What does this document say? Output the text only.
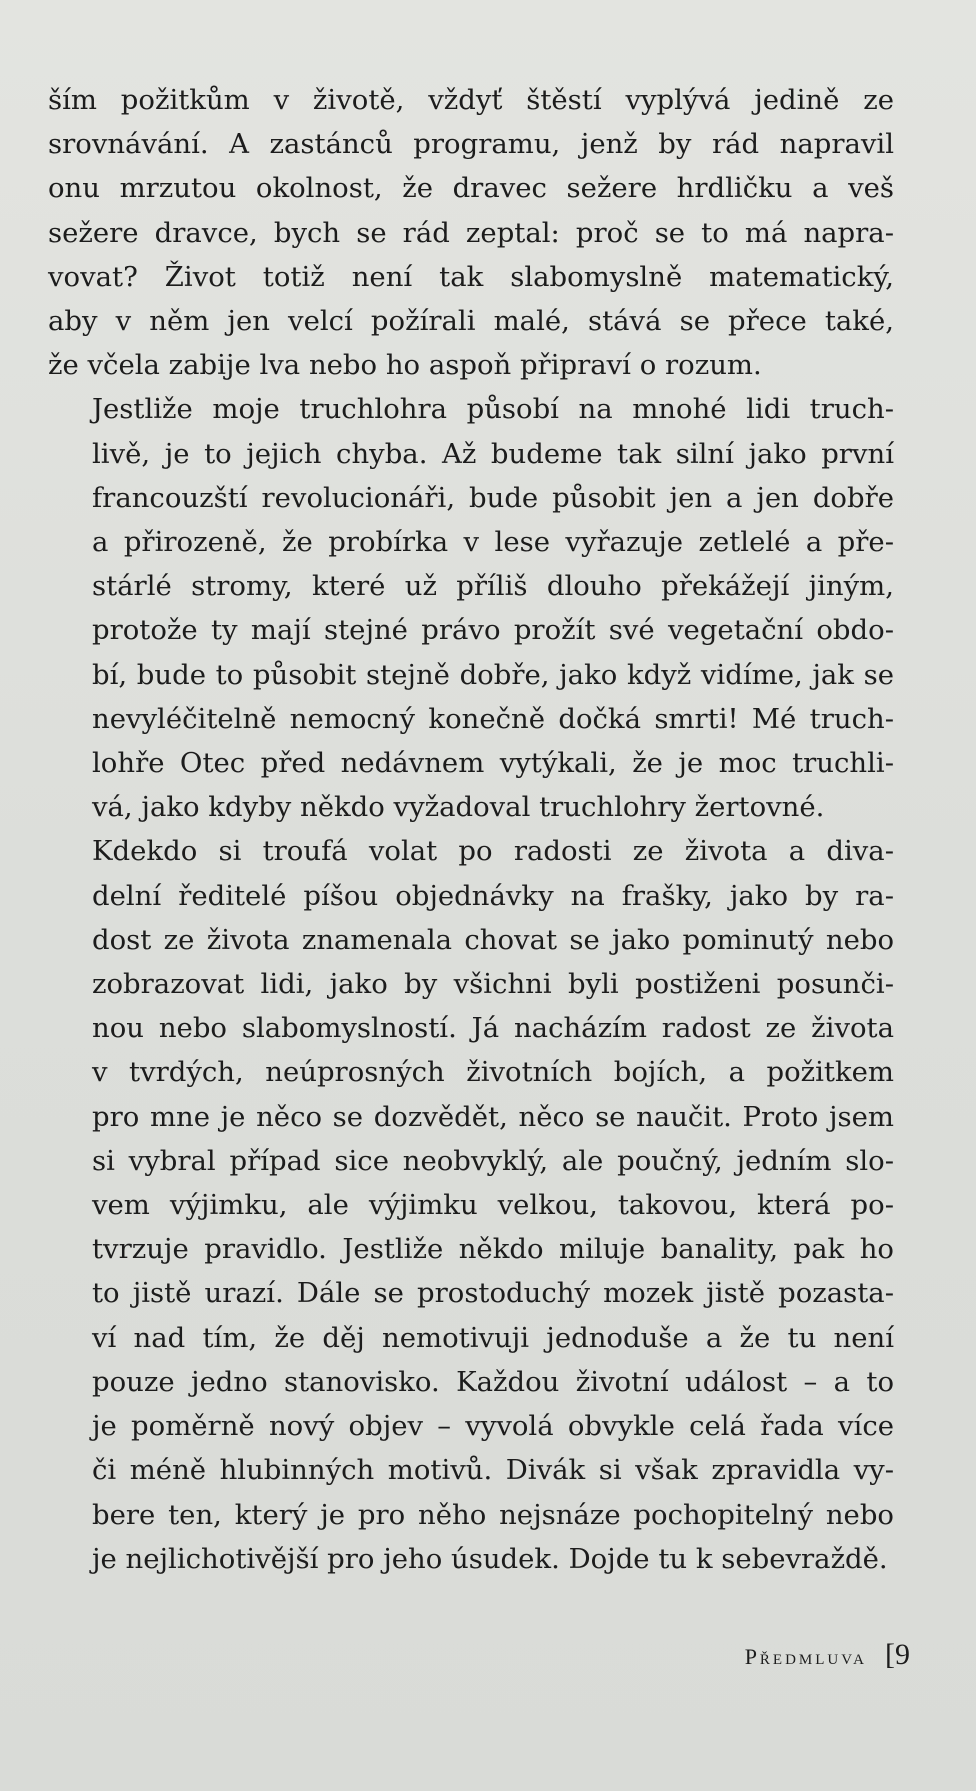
ším požitkům v životě, vždyť štěstí vyplývá jedině ze
srovnávání. A zastánců programu, jenž by rád napravil
onu mrzutou okolnost, že dravec sežere hrdličku a veš
sežere dravce, bych se rád zeptal: proč se to má napra-
vovat? Život totiž není tak slabomyslně matematický,
aby v něm jen velcí požírali malé, stává se přece také,
že včela zabije lva nebo ho aspoň připraví o rozum.

Jestliže moje truchlohra působí na mnohé lidi truch-
livě, je to jejich chyba. Až budeme tak silní jako první
francouzští revolucionáři, bude působit jen a jen dobře
a přirozeně, že probírka v lese vyřazuje zetlelé a pře-
stárlé stromy, které už příliš dlouho překážejí jiným,
protože ty mají stejné právo prožít své vegetační obdo-
bí, bude to působit stejně dobře, jako když vidíme, jak se
nevyléčitelně nemocný konečně dočká smrti! Mé truch-
lohře Otec před nedávnem vytýkali, že je moc truchli-
vá, jako kdyby někdo vyžadoval truchlohry žertovné.

Kdekdo si troufá volat po radosti ze života a diva-
delní ředitelé píšou objednávky na frašky, jako by ra-
dost ze života znamenala chovat se jako pominutý nebo
zobrazovat lidi, jako by všichni byli postiženi posunči-
nou nebo slabomyslností. Já nacházím radost ze života
v tvrdých, neúprosných životních bojích, a požitkem
pro mne je něco se dozvědět, něco se naučit. Proto jsem
si vybral případ sice neobvyklý, ale poučný, jedním slo-
vem výjimku, ale výjimku velkou, takovou, která po-
tvrzuje pravidlo. Jestliže někdo miluje banality, pak ho
to jistě urazí. Dále se prostoduchý mozek jistě pozasta-
ví nad tím, že děj nemotivuji jednoduše a že tu není
pouze jedno stanovisko. Každou životní událost – a to
je poměrně nový objev – vyvolá obvykle celá řada více
či méně hlubinných motivů. Divák si však zpravidla vy-
bere ten, který je pro něho nejsnáze pochopitelný nebo
je nejlichotivější pro jeho úsudek. Dojde tu k sebevraždě.

Předmluva [9
